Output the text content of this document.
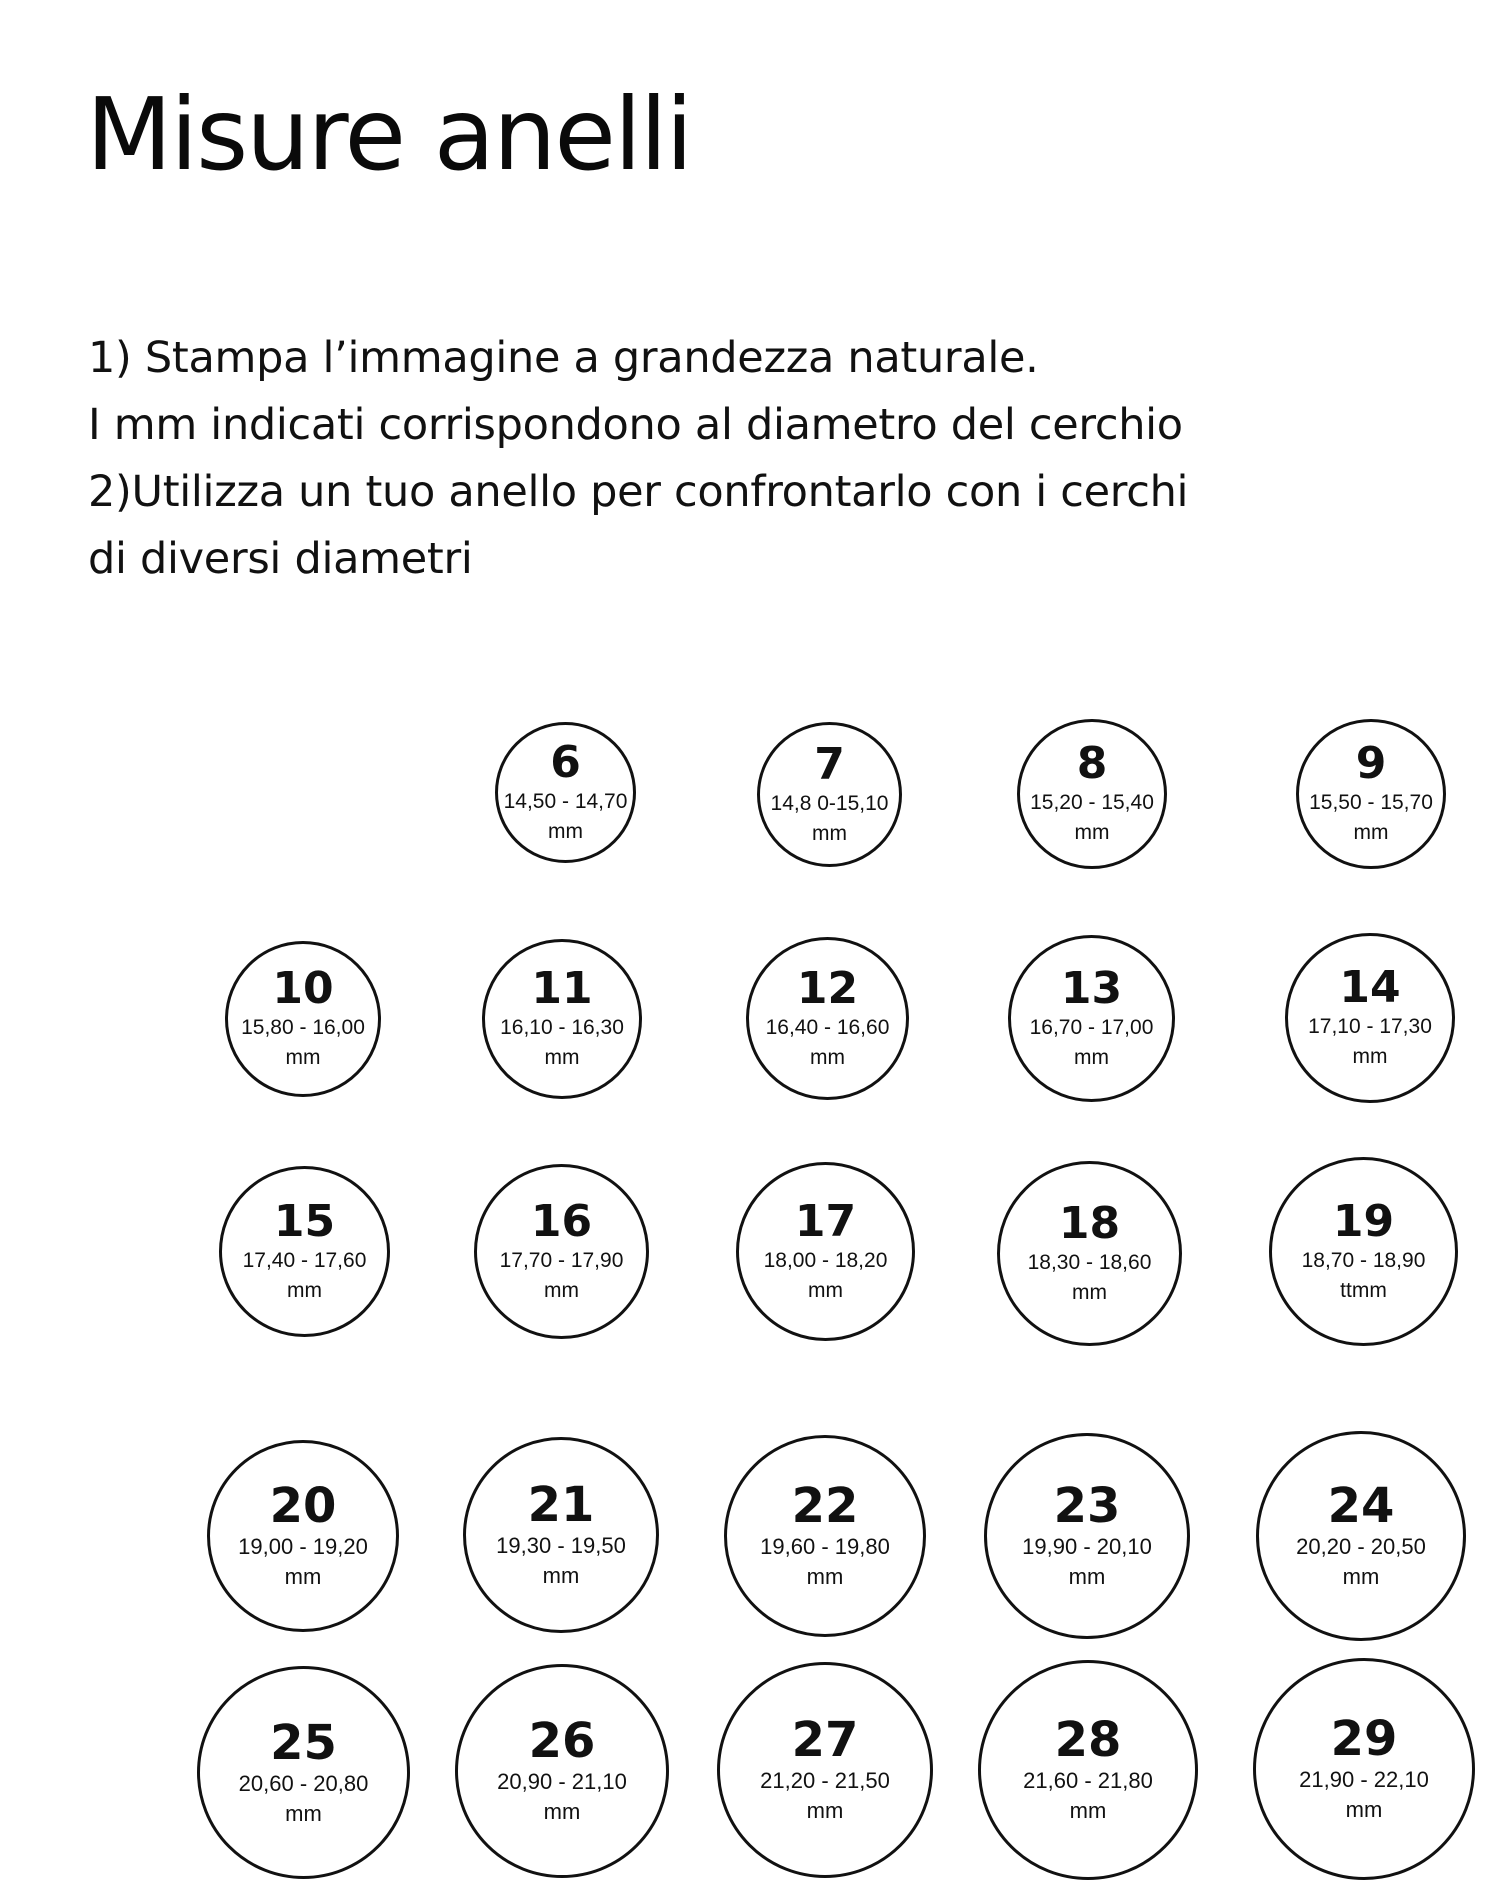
Misure anelli
1) Stampa l’immagine a grandezza naturale.
I mm indicati corrispondono al diametro del cerchio
2)Utilizza un tuo anello per confrontarlo con i cerchi
di diversi diametri
6
14,50 - 14,70
mm
7
14,8 0-15,10
mm
8
15,20 - 15,40
mm
9
15,50 - 15,70
mm
10
15,80 - 16,00
mm
11
16,10 - 16,30
mm
12
16,40 - 16,60
mm
13
16,70 - 17,00
mm
14
17,10 - 17,30
mm
15
17,40 - 17,60
mm
16
17,70 - 17,90
mm
17
18,00 - 18,20
mm
18
18,30 - 18,60
mm
19
18,70 - 18,90
ttmm
20
19,00 - 19,20
mm
21
19,30 - 19,50
mm
22
19,60 - 19,80
mm
23
19,90 - 20,10
mm
24
20,20 - 20,50
mm
25
20,60 - 20,80
mm
26
20,90 - 21,10
mm
27
21,20 - 21,50
mm
28
21,60 - 21,80
mm
29
21,90 - 22,10
mm
